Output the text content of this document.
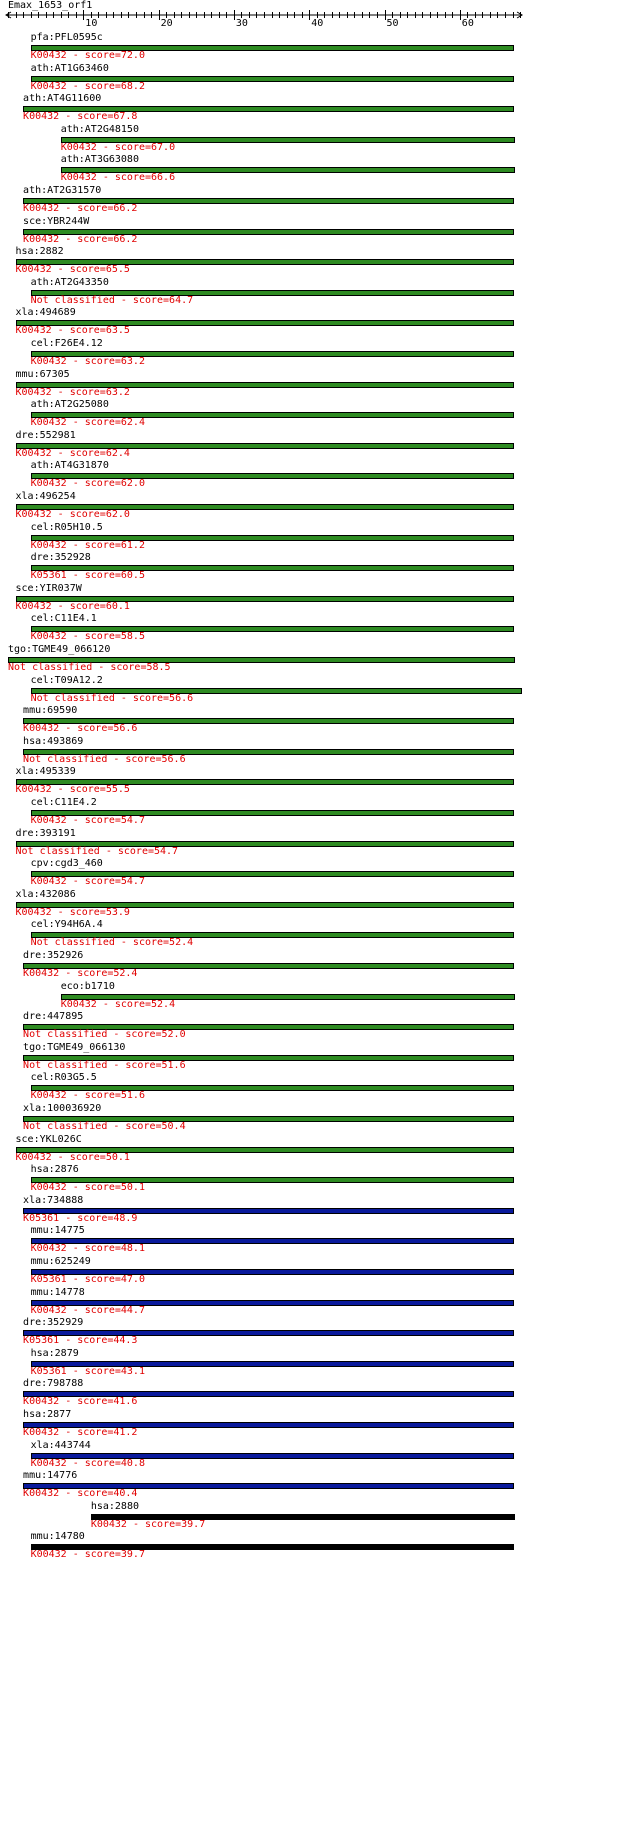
Emax_1653_orf1
10	20	30	40	50	60
pfa:PFL0595c
K00432 - score=72.0
ath:AT1G63460
K00432 - score=68.2
ath:AT4G11600
K00432 - score=67.8
ath:AT2G48150
K00432 - score=67.0
ath:AT3G63080
K00432 - score=66.6
ath:AT2G31570
K00432 - score=66.2
sce:YBR244W
K00432 - score=66.2
hsa:2882
K00432 - score=65.5
ath:AT2G43350
Not classified - score=64.7
xla:494689
K00432 - score=63.5
cel:F26E4.12
K00432 - score=63.2
mmu:67305
K00432 - score=63.2
ath:AT2G25080
K00432 - score=62.4
dre:552981
K00432 - score=62.4
ath:AT4G31870
K00432 - score=62.0
xla:496254
K00432 - score=62.0
cel:R05H10.5
K00432 - score=61.2
dre:352928
K05361 - score=60.5
sce:YIR037W
K00432 - score=60.1
cel:C11E4.1
K00432 - score=58.5
tgo:TGME49_066120
Not classified - score=58.5
cel:T09A12.2
Not classified - score=56.6
mmu:69590
K00432 - score=56.6
hsa:493869
Not classified - score=56.6
xla:495339
K00432 - score=55.5
cel:C11E4.2
K00432 - score=54.7
dre:393191
Not classified - score=54.7
cpv:cgd3_460
K00432 - score=54.7
xla:432086
K00432 - score=53.9
cel:Y94H6A.4
Not classified - score=52.4
dre:352926
K00432 - score=52.4
eco:b1710
K00432 - score=52.4
dre:447895
Not classified - score=52.0
tgo:TGME49_066130
Not classified - score=51.6
cel:R03G5.5
K00432 - score=51.6
xla:100036920
Not classified - score=50.4
sce:YKL026C
K00432 - score=50.1
hsa:2876
K00432 - score=50.1
xla:734888
K05361 - score=48.9
mmu:14775
K00432 - score=48.1
mmu:625249
K05361 - score=47.0
mmu:14778
K00432 - score=44.7
dre:352929
K05361 - score=44.3
hsa:2879
K05361 - score=43.1
dre:798788
K00432 - score=41.6
hsa:2877
K00432 - score=41.2
xla:443744
K00432 - score=40.8
mmu:14776
K00432 - score=40.4
hsa:2880
K00432 - score=39.7
mmu:14780
K00432 - score=39.7
